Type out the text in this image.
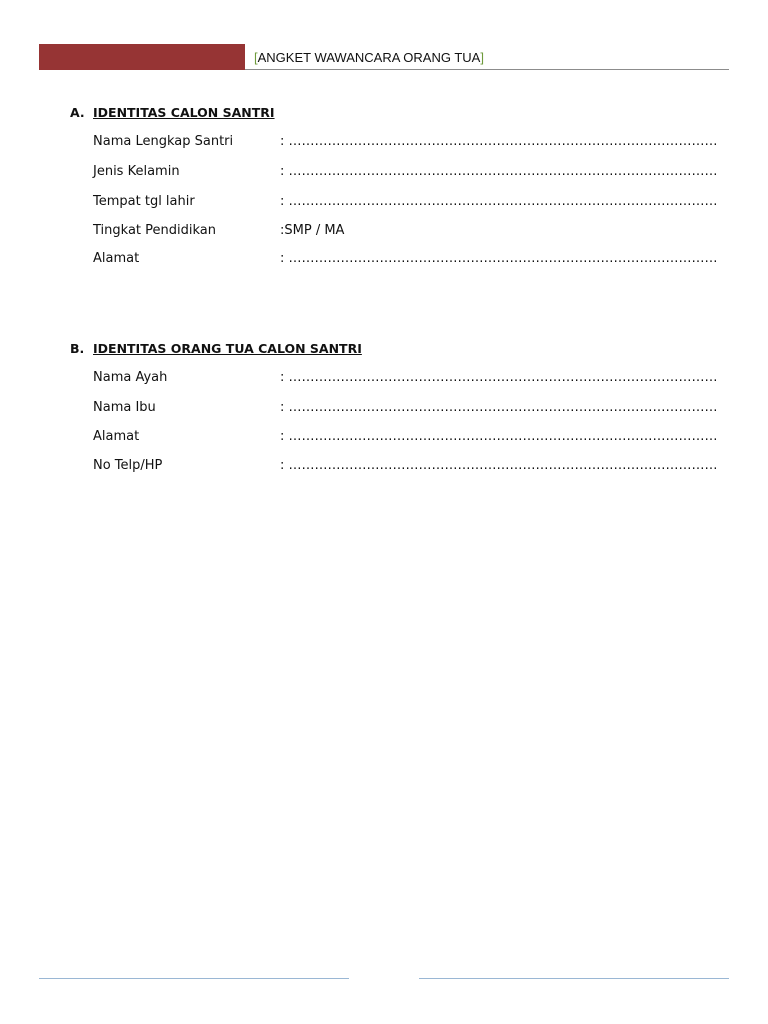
[ANGKET WAWANCARA ORANG TUA]
A. IDENTITAS CALON SANTRI
Nama Lengkap Santri	: ………………………………………………………………………………………
Jenis Kelamin	: ………………………………………………………………………………………
Tempat tgl lahir	: ………………………………………………………………………………………
Tingkat Pendidikan	:SMP / MA
Alamat	: ………………………………………………………………………………………
B. IDENTITAS ORANG TUA CALON SANTRI
Nama Ayah	: ………………………………………………………………………………………
Nama Ibu	: ………………………………………………………………………………………
Alamat	: ………………………………………………………………………………………
No Telp/HP	: ………………………………………………………………………………………
